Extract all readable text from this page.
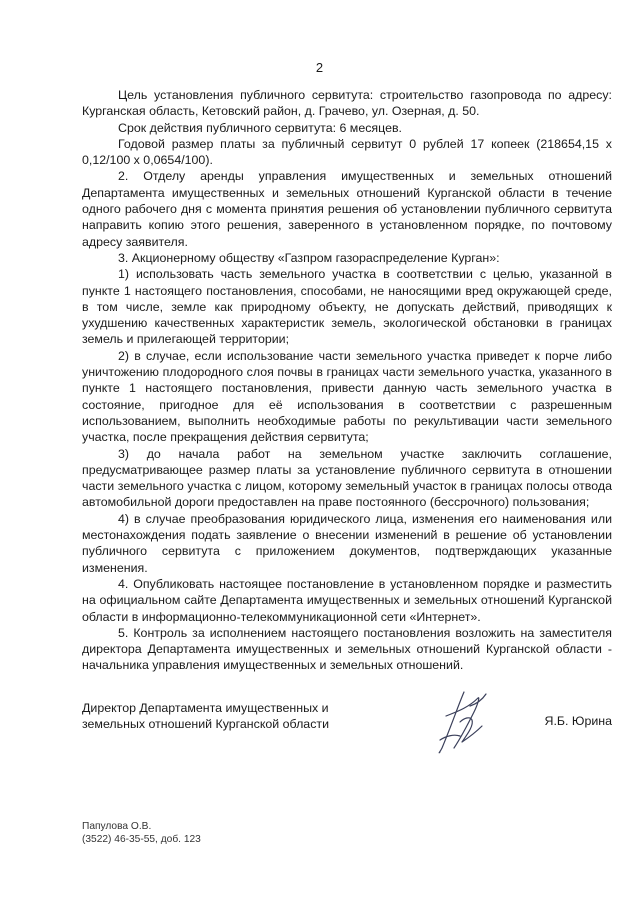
2

Цель установления публичного сервитута: строительство газопровода по адресу: Курганская область, Кетовский район, д. Грачево, ул. Озерная, д. 50.

Срок действия публичного сервитута: 6 месяцев.

Годовой размер платы за публичный сервитут 0 рублей 17 копеек (218654,15 х 0,12/100 х 0,0654/100).

2. Отделу аренды управления имущественных и земельных отношений Департамента имущественных и земельных отношений Курганской области в течение одного рабочего дня с момента принятия решения об установлении публичного сервитута направить копию этого решения, заверенного в установленном порядке, по почтовому адресу заявителя.

3. Акционерному обществу «Газпром газораспределение Курган»:

1) использовать часть земельного участка в соответствии с целью, указанной в пункте 1 настоящего постановления, способами, не наносящими вред окружающей среде, в том числе, земле как природному объекту, не допускать действий, приводящих к ухудшению качественных характеристик земель, экологической обстановки в границах земель и прилегающей территории;

2) в случае, если использование части земельного участка приведет к порче либо уничтожению плодородного слоя почвы в границах части земельного участка, указанного в пункте 1 настоящего постановления, привести данную часть земельного участка в состояние, пригодное для её использования в соответствии с разрешенным использованием, выполнить необходимые работы по рекультивации части земельного участка, после прекращения действия сервитута;

3) до начала работ на земельном участке заключить соглашение, предусматривающее размер платы за установление публичного сервитута в отношении части земельного участка с лицом, которому земельный участок в границах полосы отвода автомобильной дороги предоставлен на праве постоянного (бессрочного) пользования;

4) в случае преобразования юридического лица, изменения его наименования или местонахождения подать заявление о внесении изменений в решение об установлении публичного сервитута с приложением документов, подтверждающих указанные изменения.

4. Опубликовать настоящее постановление в установленном порядке и разместить на официальном сайте Департамента имущественных и земельных отношений Курганской области в информационно-телекоммуникационной сети «Интернет».

5. Контроль за исполнением настоящего постановления возложить на заместителя директора Департамента имущественных и земельных отношений Курганской области - начальника управления имущественных и земельных отношений.

Директор Департамента имущественных и
земельных отношений Курганской области	Я.Б. Юрина
Папулова О.В.
(3522) 46-35-55, доб. 123
